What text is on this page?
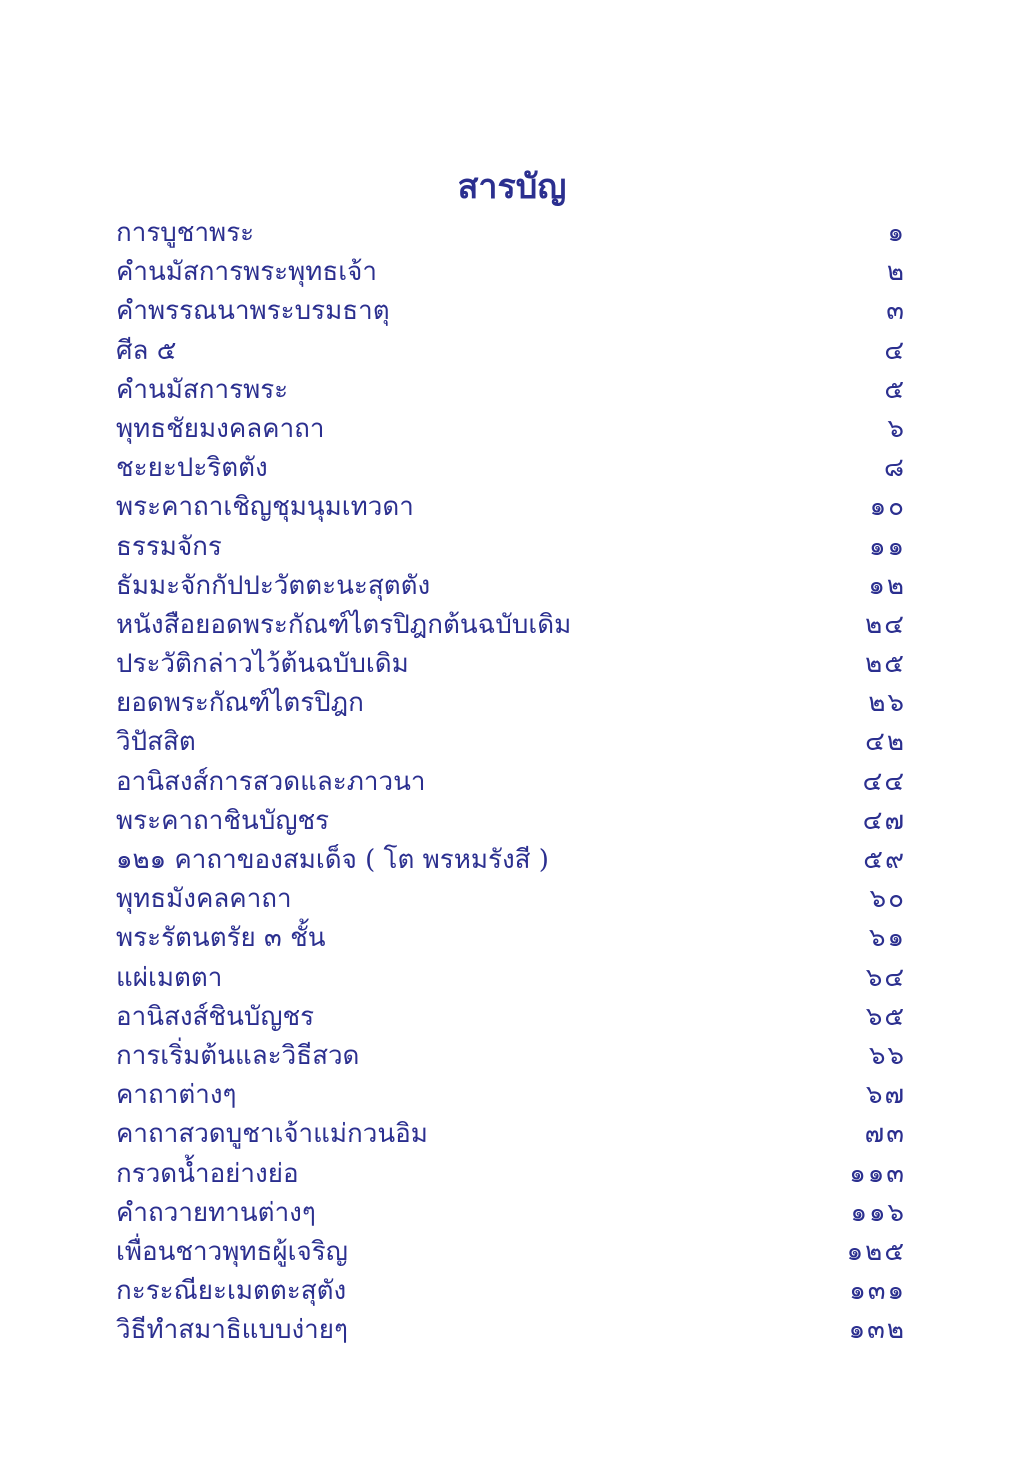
สารบัญ
การบูชาพระ	๑
คำนมัสการพระพุทธเจ้า	๒
คำพรรณนาพระบรมธาตุ	๓
ศีล ๕	๔
คำนมัสการพระ	๕
พุทธชัยมงคลคาถา	๖
ชะยะปะริตตัง	๘
พระคาถาเชิญชุมนุมเทวดา	๑๐
ธรรมจักร	๑๑
ธัมมะจักกัปปะวัตตะนะสุตตัง	๑๒
หนังสือยอดพระกัณฑ์ไตรปิฎกต้นฉบับเดิม	๒๔
ประวัติกล่าวไว้ต้นฉบับเดิม	๒๕
ยอดพระกัณฑ์ไตรปิฎก	๒๖
วิปัสสิต	๔๒
อานิสงส์การสวดและภาวนา	๔๔
พระคาถาชินบัญชร	๔๗
๑๒๑ คาถาของสมเด็จ ( โต พรหมรังสี )	๕๙
พุทธมังคลคาถา	๖๐
พระรัตนตรัย ๓ ชั้น	๖๑
แผ่เมตตา	๖๔
อานิสงส์ชินบัญชร	๖๕
การเริ่มต้นและวิธีสวด	๖๖
คาถาต่างๆ	๖๗
คาถาสวดบูชาเจ้าแม่กวนอิม	๗๓
กรวดน้ำอย่างย่อ	๑๑๓
คำถวายทานต่างๆ	๑๑๖
เพื่อนชาวพุทธผู้เจริญ	๑๒๕
กะระณียะเมตตะสุตัง	๑๓๑
วิธีทำสมาธิแบบง่ายๆ	๑๓๒
